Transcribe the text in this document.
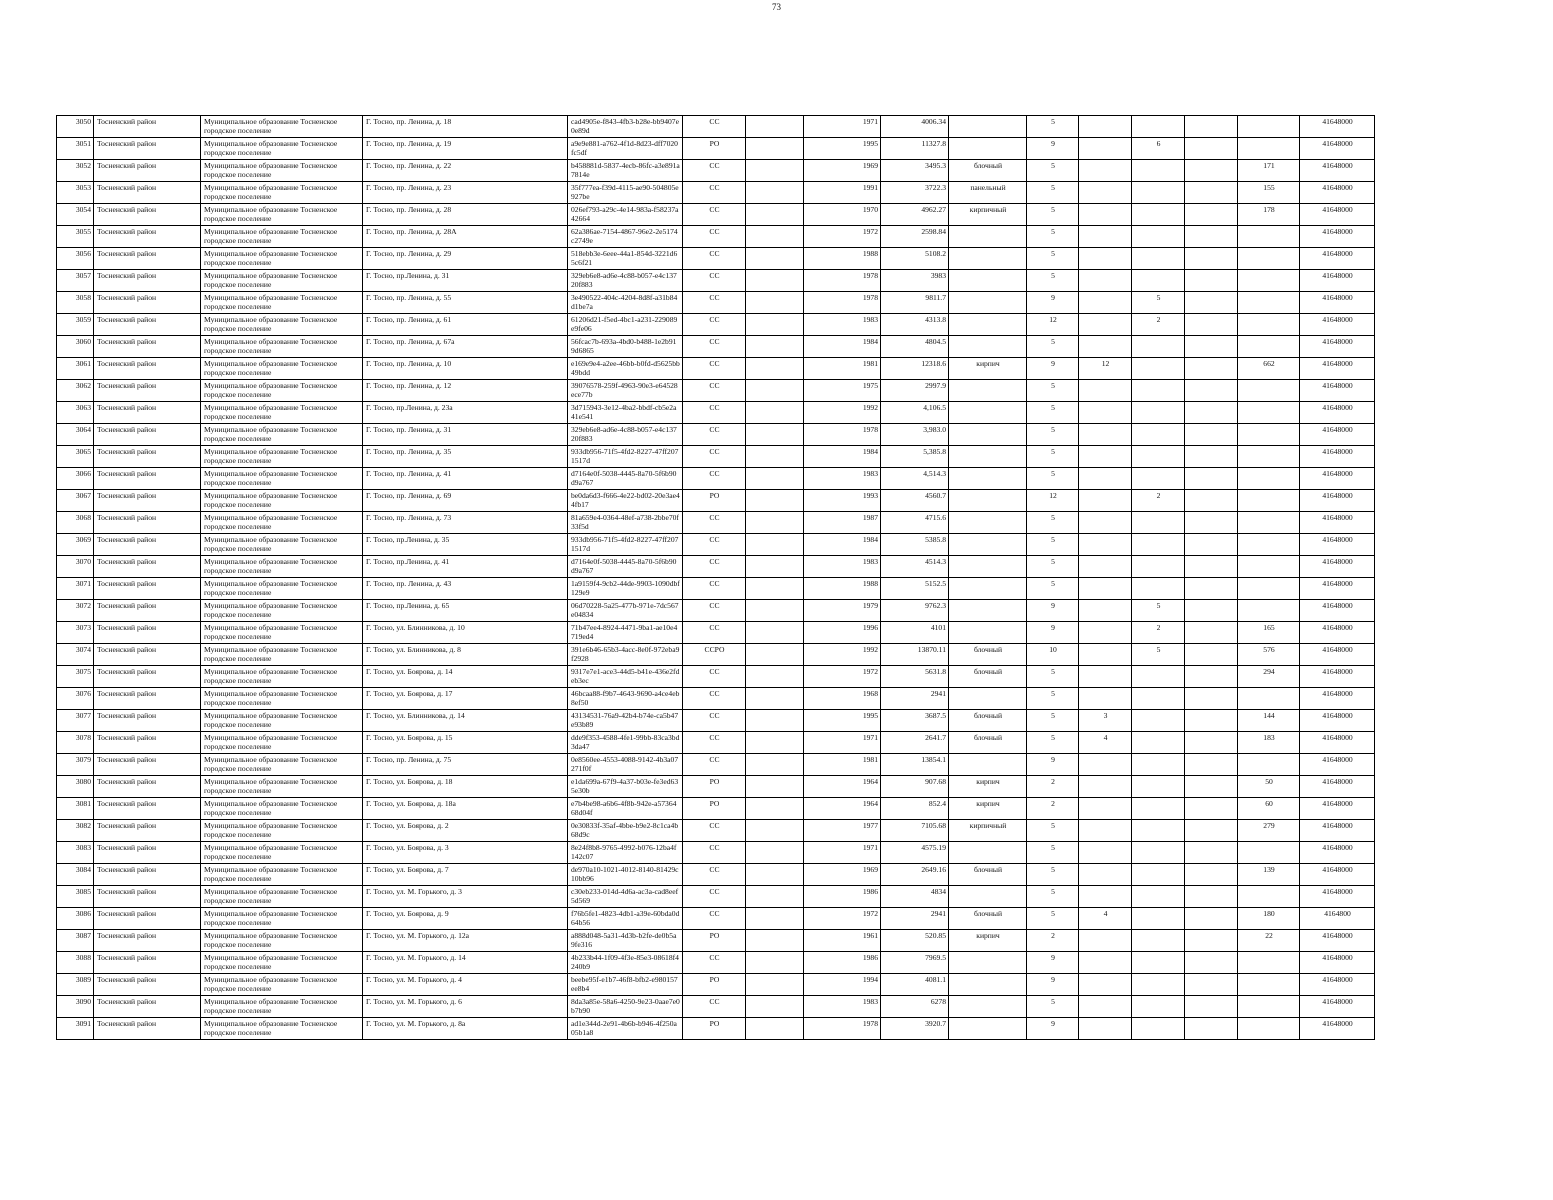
73
3050	Тосненский район	Муниципальное образование Тосненское городское поселение	Г. Тосно, пр. Ленина, д. 18	cad4905e-f843-4fb3-b28e-bb9407e0e89d	СС		1971	4006.34		5					41648000
3051	Тосненский район	Муниципальное образование Тосненское городское поселение	Г. Тосно, пр. Ленина, д. 19	a9e9e881-a762-4f1d-8d23-dff7020fc5df	РО		1995	11327.8		9		6			41648000
3052	Тосненский район	Муниципальное образование Тосненское городское поселение	Г. Тосно, пр. Ленина, д. 22	b458881d-5837-4ecb-86fc-a3e891a7814e	СС		1969	3495.3	блочный	5				171	41648000
3053	Тосненский район	Муниципальное образование Тосненское городское поселение	Г. Тосно, пр. Ленина, д. 23	35f777ea-f39d-4115-ae90-504805e927be	СС		1991	3722.3	панельный	5				155	41648000
3054	Тосненский район	Муниципальное образование Тосненское городское поселение	Г. Тосно, пр. Ленина, д. 28	026ef793-a29c-4e14-983a-f58237a42664	СС		1970	4962.27	кирпичный	5				178	41648000
3055	Тосненский район	Муниципальное образование Тосненское городское поселение	Г. Тосно, пр. Ленина, д. 28А	62a386ae-7154-4867-96e2-2e5174c2749e	СС		1972	2598.84		5					41648000
3056	Тосненский район	Муниципальное образование Тосненское городское поселение	Г. Тосно, пр. Ленина, д. 29	518ebb3e-6eee-44a1-854d-3221d65c6f21	СС		1988	5108.2		5					41648000
3057	Тосненский район	Муниципальное образование Тосненское городское поселение	Г. Тосно, пр.Ленина, д. 31	329eb6e8-ad6e-4c88-b057-e4c13720f883	СС		1978	3983		5					41648000
3058	Тосненский район	Муниципальное образование Тосненское городское поселение	Г. Тосно, пр. Ленина, д. 55	3e490522-404c-4204-8d8f-a31b84d1be7a	СС		1978	9811.7		9		5			41648000
3059	Тосненский район	Муниципальное образование Тосненское городское поселение	Г. Тосно, пр. Ленина, д. 61	61206d21-f5ed-4bc1-a231-229089e9fe06	СС		1983	4313.8		12		2			41648000
3060	Тосненский район	Муниципальное образование Тосненское городское поселение	Г. Тосно, пр. Ленина, д. 67а	56fcac7b-693a-4bd0-b488-1e2b919d6865	СС		1984	4804.5		5					41648000
3061	Тосненский район	Муниципальное образование Тосненское городское поселение	Г. Тосно, пр. Ленина, д. 10	e169e9e4-a2ee-46bb-b0fd-d5625bb49bdd	СС		1981	12318.6	кирпич	9	12			662	41648000
3062	Тосненский район	Муниципальное образование Тосненское городское поселение	Г. Тосно, пр. Ленина, д. 12	39076578-259f-4963-90e3-e64528ece77b	СС		1975	2997.9		5					41648000
3063	Тосненский район	Муниципальное образование Тосненское городское поселение	Г. Тосно, пр.Ленина, д. 23а	3d715943-3e12-4ba2-bbdf-cb5e2a41e541	СС		1992	4,106.5		5					41648000
3064	Тосненский район	Муниципальное образование Тосненское городское поселение	Г. Тосно, пр. Ленина, д. 31	329eb6e8-ad6e-4c88-b057-e4c13720f883	СС		1978	3,983.0		5					41648000
3065	Тосненский район	Муниципальное образование Тосненское городское поселение	Г. Тосно, пр. Ленина, д. 35	933db956-71f5-4fd2-8227-47ff2071517d	СС		1984	5,385.8		5					41648000
3066	Тосненский район	Муниципальное образование Тосненское городское поселение	Г. Тосно, пр. Ленина, д. 41	d7164e0f-5038-4445-8a70-5f6b90d9a767	СС		1983	4,514.3		5					41648000
3067	Тосненский район	Муниципальное образование Тосненское городское поселение	Г. Тосно, пр. Ленина, д. 69	be0da6d3-f666-4e22-bd02-20e3ae44fb17	РО		1993	4560.7		12		2			41648000
3068	Тосненский район	Муниципальное образование Тосненское городское поселение	Г. Тосно, пр. Ленина, д. 73	81a659e4-0364-48ef-a738-2bbe70f33f5d	СС		1987	4715.6		5					41648000
3069	Тосненский район	Муниципальное образование Тосненское городское поселение	Г. Тосно, пр.Ленина, д. 35	933db956-71f5-4fd2-8227-47ff2071517d	СС		1984	5385.8		5					41648000
3070	Тосненский район	Муниципальное образование Тосненское городское поселение	Г. Тосно, пр.Ленина, д. 41	d7164e0f-5038-4445-8a70-5f6b90d9a767	СС		1983	4514.3		5					41648000
3071	Тосненский район	Муниципальное образование Тосненское городское поселение	Г. Тосно, пр. Ленина, д. 43	1a9159f4-9cb2-44de-9903-1090dbf129e9	СС		1988	5152.5		5					41648000
3072	Тосненский район	Муниципальное образование Тосненское городское поселение	Г. Тосно, пр.Ленина, д. 65	06d70228-5a25-477b-971e-7dc567e04834	СС		1979	9762.3		9		5			41648000
3073	Тосненский район	Муниципальное образование Тосненское городское поселение	Г. Тосно, ул. Блинникова, д. 10	71b47ee4-8924-4471-9ba1-ae10e4719ed4	СС		1996	4101		9		2		165	41648000
3074	Тосненский район	Муниципальное образование Тосненское городское поселение	Г. Тосно, ул. Блинникова, д. 8	391e6b46-65b3-4acc-8e0f-972eba9f2928	ССРО		1992	13870.11	блочный	10		5		576	41648000
3075	Тосненский район	Муниципальное образование Тосненское городское поселение	Г. Тосно, ул. Боярова, д. 14	9317e7e1-ace3-44d5-b41e-436e2fdeb3ec	СС		1972	5631.8	блочный	5				294	41648000
3076	Тосненский район	Муниципальное образование Тосненское городское поселение	Г. Тосно, ул. Боярова, д. 17	46bcaa88-f9b7-4643-9690-a4ce4eb8ef50	СС		1968	2941		5					41648000
3077	Тосненский район	Муниципальное образование Тосненское городское поселение	Г. Тосно, ул. Блинникова, д. 14	43134531-76a9-42b4-b74e-ca5b47e93b89	СС		1995	3687.5	блочный	5	3			144	41648000
3078	Тосненский район	Муниципальное образование Тосненское городское поселение	Г. Тосно, ул. Боярова, д. 15	dde9f353-4588-4fe1-99bb-83ca3bd3da47	СС		1971	2641.7	блочный	5	4			183	41648000
3079	Тосненский район	Муниципальное образование Тосненское городское поселение	Г. Тосно, пр. Ленина, д. 75	0e8560ee-4553-4088-9142-4b3a07271f0f	СС		1981	13854.1		9					41648000
3080	Тосненский район	Муниципальное образование Тосненское городское поселение	Г. Тосно, ул. Боярова, д. 18	e1da699a-67f9-4a37-b03e-fe3ed635e30b	РО		1964	907.68	кирпич	2				50	41648000
3081	Тосненский район	Муниципальное образование Тосненское городское поселение	Г. Тосно, ул. Боярова, д. 18а	e7b4be98-a6b6-4f8b-942e-a5736468d04f	РО		1964	852.4	кирпич	2				60	41648000
3082	Тосненский район	Муниципальное образование Тосненское городское поселение	Г. Тосно, ул. Боярова, д. 2	0e30833f-35af-4bbe-b9e2-8c1ca4b68d9c	СС		1977	7105.68	кирпичный	5				279	41648000
3083	Тосненский район	Муниципальное образование Тосненское городское поселение	Г. Тосно, ул. Боярова, д. 3	8e24f8b8-9765-4992-b076-12ba4f142c07	СС		1971	4575.19		5					41648000
3084	Тосненский район	Муниципальное образование Тосненское городское поселение	Г. Тосно, ул. Боярова, д. 7	de970a10-1021-4012-8140-81429c10bb96	СС		1969	2649.16	блочный	5				139	41648000
3085	Тосненский район	Муниципальное образование Тосненское городское поселение	Г. Тосно, ул. М. Горького, д. 3	c30eb233-014d-4d6a-ac3a-cad8eef5d569	СС		1986	4834		5					41648000
3086	Тосненский район	Муниципальное образование Тосненское городское поселение	Г. Тосно, ул. Боярова, д. 9	f76b5fe1-4823-4db1-a39e-60bda0d64b56	СС		1972	2941	блочный	5	4			180	4164800
3087	Тосненский район	Муниципальное образование Тосненское городское поселение	Г. Тосно, ул. М. Горького, д. 12а	a888d048-5a31-4d3b-b2fe-de0b5a9fe316	РО		1961	520.85	кирпич	2				22	41648000
3088	Тосненский район	Муниципальное образование Тосненское городское поселение	Г. Тосно, ул. М. Горького, д. 14	4b233b44-1f09-4f3e-85e3-08618f4240b9	СС		1986	7969.5		9					41648000
3089	Тосненский район	Муниципальное образование Тосненское городское поселение	Г. Тосно, ул. М. Горького, д. 4	beebe95f-e1b7-46f8-bfb2-e980157ee8b4	РО		1994	4081.1		9					41648000
3090	Тосненский район	Муниципальное образование Тосненское городское поселение	Г. Тосно, ул. М. Горького, д. 6	8da3a85e-58a6-4250-9e23-0aae7e0b7b90	СС		1983	6278		5					41648000
3091	Тосненский район	Муниципальное образование Тосненское городское поселение	Г. Тосно, ул. М. Горького, д. 8а	ad1e344d-2e91-4b6b-b946-4f250a05b1a8	РО		1978	3920.7		9					41648000
